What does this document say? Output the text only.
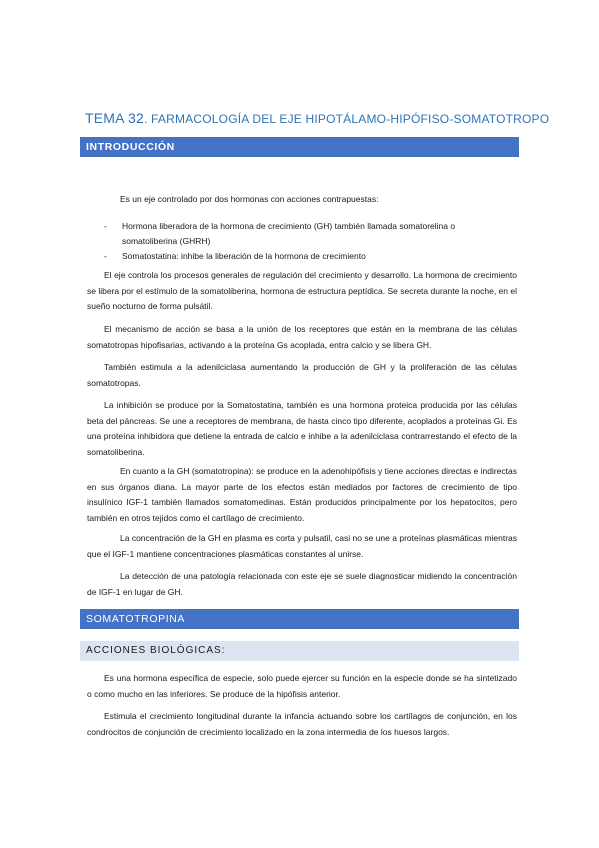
TEMA 32. FARMACOLOGÍA DEL EJE HIPOTÁLAMO-HIPÓFISO-SOMATOTROPO
INTRODUCCIÓN

Es un eje controlado por dos hormonas con acciones contrapuestas:

- Hormona liberadora de la hormona de crecimiento (GH) también llamada somatorelina o somatoliberina (GHRH)
- Somatostatina: inhibe la liberación de la hormona de crecimiento

El eje controla los procesos generales de regulación del crecimiento y desarrollo. La hormona de crecimiento se libera por el estímulo de la somatoliberina, hormona de estructura peptídica. Se secreta durante la noche, en el sueño nocturno de forma pulsátil.

El mecanismo de acción se basa a la unión de los receptores que están en la membrana de las células somatotropas hipofisarias, activando a la proteína Gs acoplada, entra calcio y se libera GH.

También estimula a la adenilciclasa aumentando la producción de GH y la proliferación de las células somatotropas.

La inhibición se produce por la Somatostatina, también es una hormona proteica producida por las células beta del páncreas. Se une a receptores de membrana, de hasta cinco tipo diferente, acoplados a proteínas Gi. Es una proteína inhibidora que detiene la entrada de calcio e inhibe a la adenilciclasa contrarrestando el efecto de la somatoliberina.

En cuanto a la GH (somatotropina): se produce en la adenohipófisis y tiene acciones directas e indirectas en sus órganos diana. La mayor parte de los efectos están mediados por factores de crecimiento de tipo insulínico IGF-1 también llamados somatomedinas. Están producidos principalmente por los hepatocitos, pero también en otros tejidos como el cartílago de crecimiento.

La concentración de la GH en plasma es corta y pulsatil, casi no se une a proteínas plasmáticas mientras que el IGF-1 mantiene concentraciones plasmáticas constantes al unirse.

La detección de una patología relacionada con este eje se suele diagnosticar midiendo la concentración de IGF-1 en lugar de GH.

SOMATOTROPINA
ACCIONES BIOLÓGICAS:

Es una hormona específica de especie, solo puede ejercer su función en la especie donde se ha sintetizado o como mucho en las inferiores. Se produce de la hipófisis anterior.

Estimula el crecimiento longitudinal durante la infancia actuando sobre los cartílagos de conjunción, en los condrocitos de conjunción de crecimiento localizado en la zona intermedia de los huesos largos.
